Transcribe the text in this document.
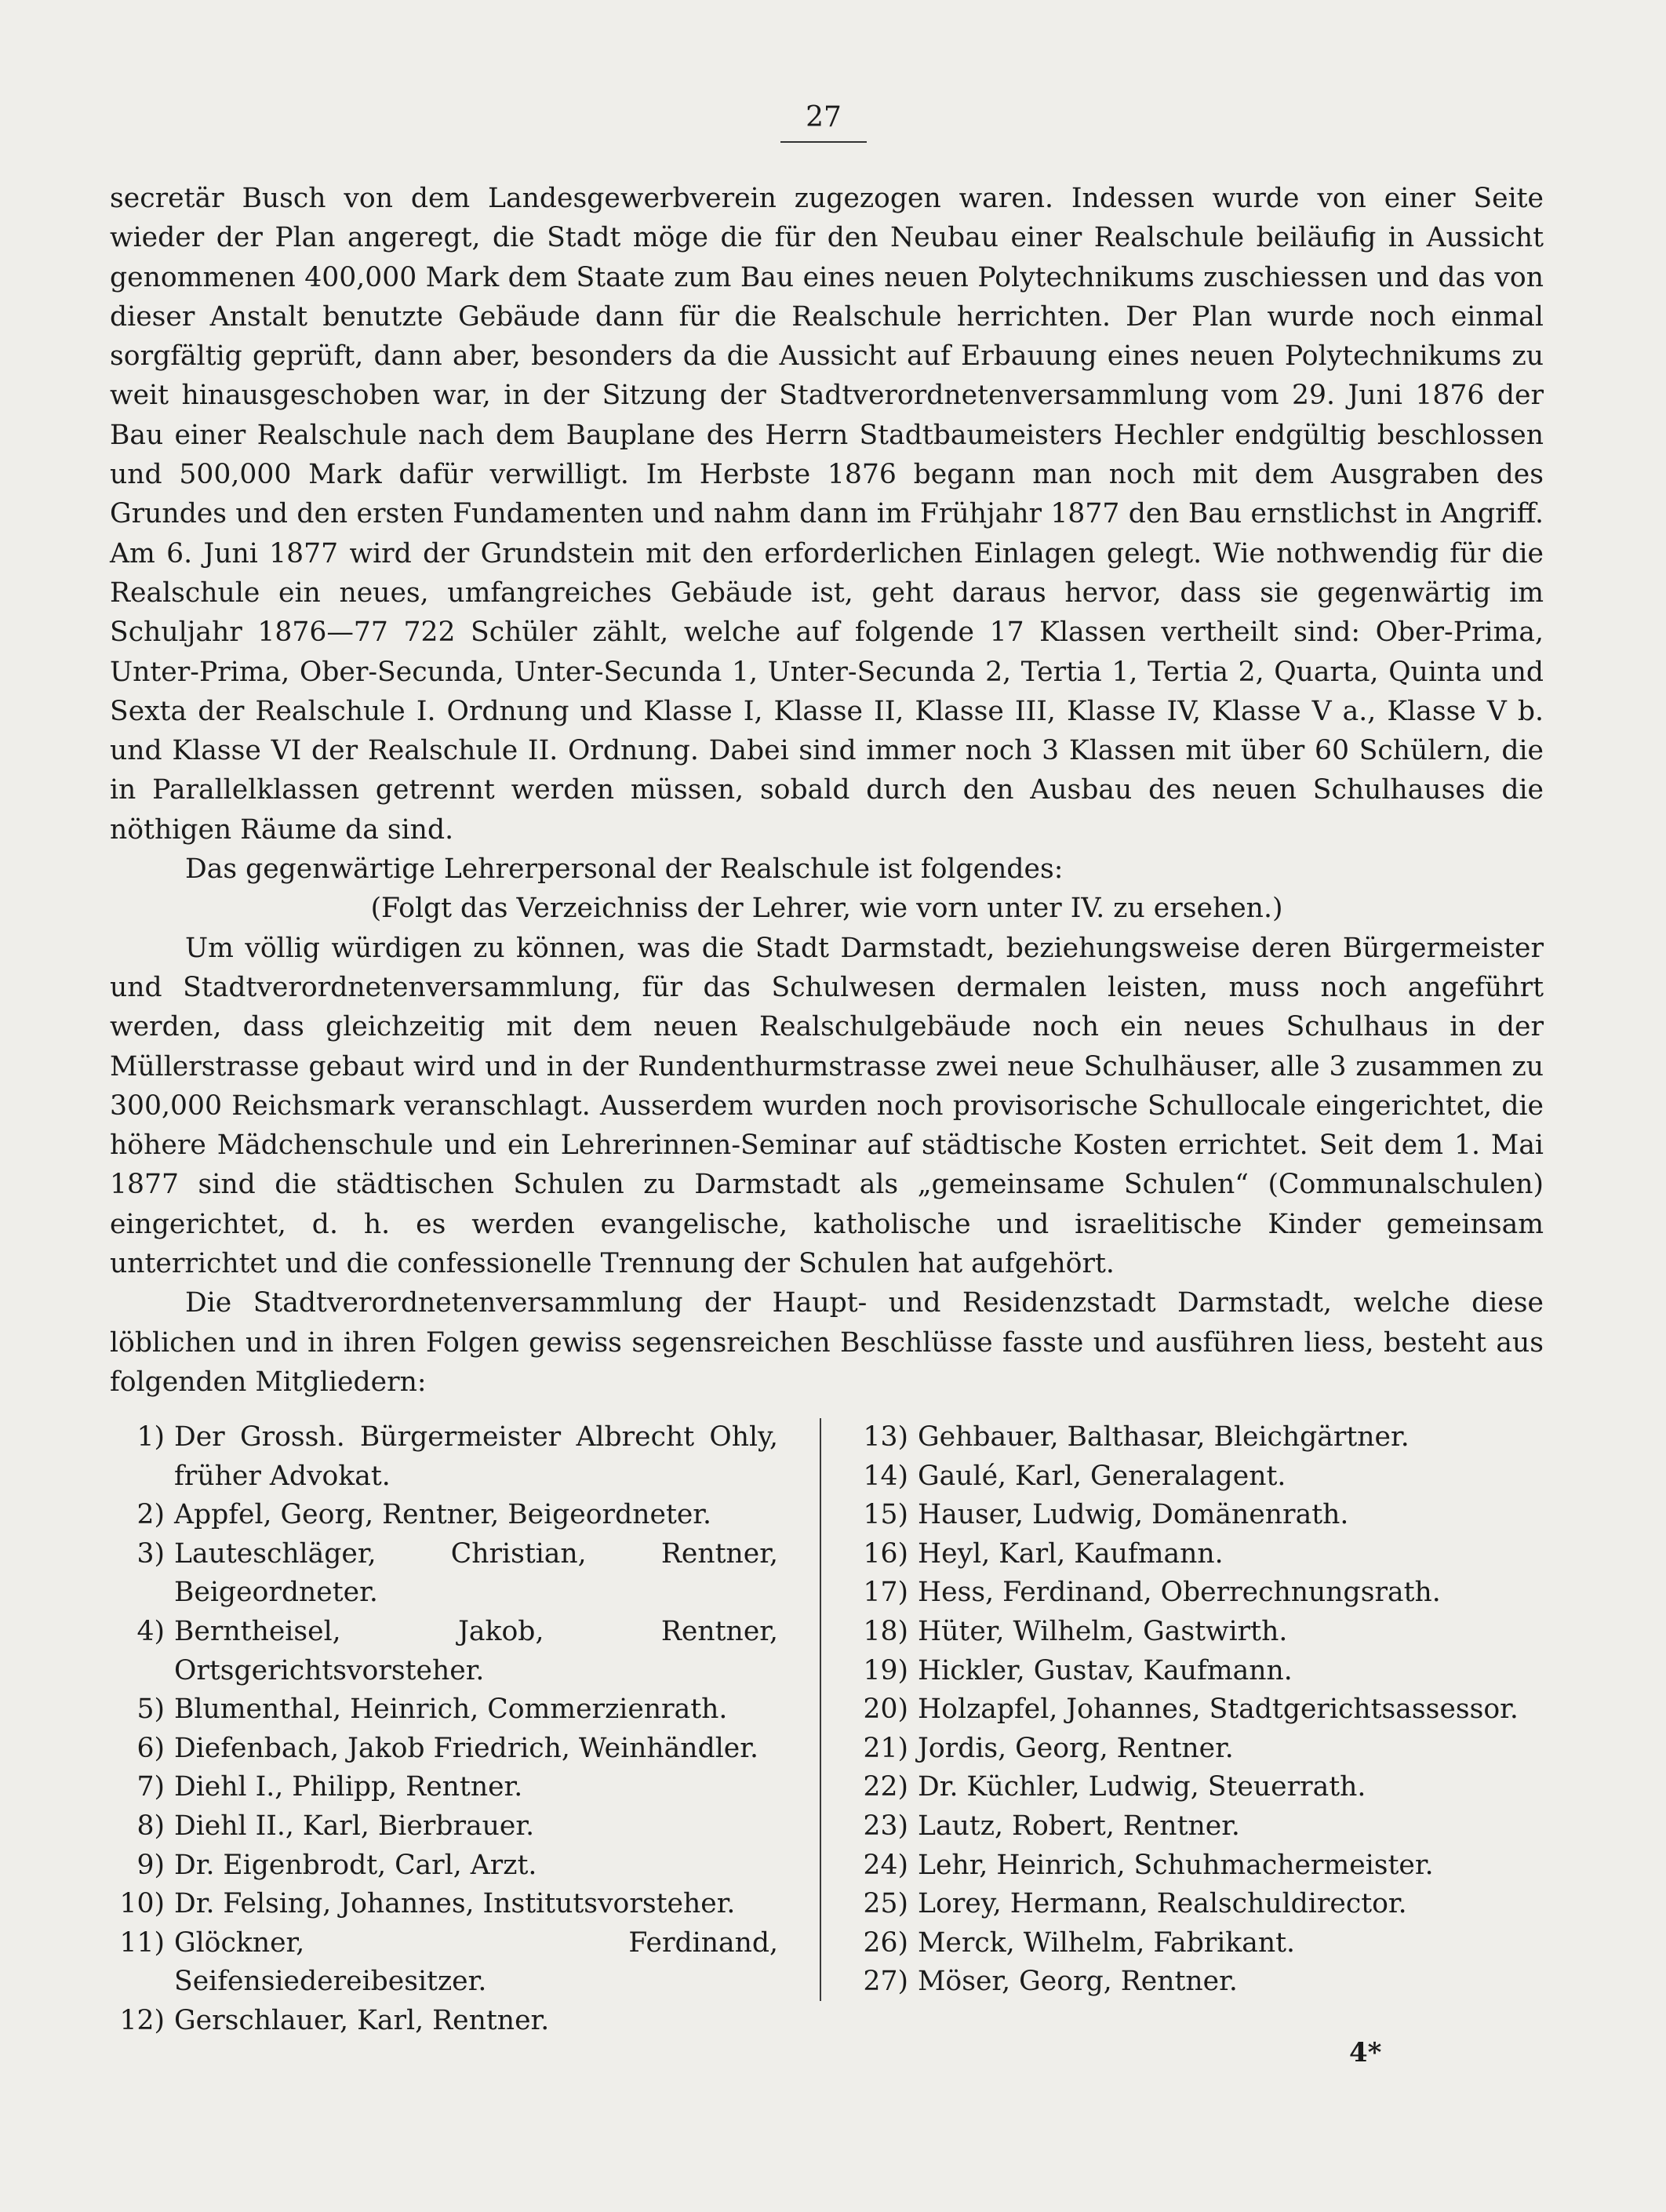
27

secretär Busch von dem Landesgewerbverein zugezogen waren. Indessen wurde von einer Seite wieder der Plan angeregt, die Stadt möge die für den Neubau einer Realschule beiläufig in Aussicht genommenen 400,000 Mark dem Staate zum Bau eines neuen Polytechnikums zuschiessen und das von dieser Anstalt benutzte Gebäude dann für die Realschule herrichten. Der Plan wurde noch einmal sorgfältig geprüft, dann aber, besonders da die Aussicht auf Erbauung eines neuen Polytechnikums zu weit hinausgeschoben war, in der Sitzung der Stadtverordnetenversammlung vom 29. Juni 1876 der Bau einer Realschule nach dem Bauplane des Herrn Stadtbaumeisters Hechler endgültig beschlossen und 500,000 Mark dafür verwilligt. Im Herbste 1876 begann man noch mit dem Ausgraben des Grundes und den ersten Fundamenten und nahm dann im Frühjahr 1877 den Bau ernstlichst in Angriff. Am 6. Juni 1877 wird der Grundstein mit den erforderlichen Einlagen gelegt. Wie nothwendig für die Realschule ein neues, umfangreiches Gebäude ist, geht daraus hervor, dass sie gegenwärtig im Schuljahr 1876—77 722 Schüler zählt, welche auf folgende 17 Klassen vertheilt sind: Ober-Prima, Unter-Prima, Ober-Secunda, Unter-Secunda 1, Unter-Secunda 2, Tertia 1, Tertia 2, Quarta, Quinta und Sexta der Realschule I. Ordnung und Klasse I, Klasse II, Klasse III, Klasse IV, Klasse V a., Klasse V b. und Klasse VI der Realschule II. Ordnung. Dabei sind immer noch 3 Klassen mit über 60 Schülern, die in Parallelklassen getrennt werden müssen, sobald durch den Ausbau des neuen Schulhauses die nöthigen Räume da sind.

Das gegenwärtige Lehrerpersonal der Realschule ist folgendes:

(Folgt das Verzeichniss der Lehrer, wie vorn unter IV. zu ersehen.)

Um völlig würdigen zu können, was die Stadt Darmstadt, beziehungsweise deren Bürgermeister und Stadtverordnetenversammlung, für das Schulwesen dermalen leisten, muss noch angeführt werden, dass gleichzeitig mit dem neuen Realschulgebäude noch ein neues Schulhaus in der Müllerstrasse gebaut wird und in der Rundenthurmstrasse zwei neue Schulhäuser, alle 3 zusammen zu 300,000 Reichsmark veranschlagt. Ausserdem wurden noch provisorische Schullocale eingerichtet, die höhere Mädchenschule und ein Lehrerinnen-Seminar auf städtische Kosten errichtet. Seit dem 1. Mai 1877 sind die städtischen Schulen zu Darmstadt als „gemeinsame Schulen“ (Communalschulen) eingerichtet, d. h. es werden evangelische, katholische und israelitische Kinder gemeinsam unterrichtet und die confessionelle Trennung der Schulen hat aufgehört.

Die Stadtverordnetenversammlung der Haupt- und Residenzstadt Darmstadt, welche diese löblichen und in ihren Folgen gewiss segensreichen Beschlüsse fasste und ausführen liess, besteht aus folgenden Mitgliedern:

1) Der Grossh. Bürgermeister Albrecht Ohly, früher Advokat.
2) Appfel, Georg, Rentner, Beigeordneter.
3) Lauteschläger, Christian, Rentner, Beigeordneter.
4) Berntheisel, Jakob, Rentner, Ortsgerichtsvorsteher.
5) Blumenthal, Heinrich, Commerzienrath.
6) Diefenbach, Jakob Friedrich, Weinhändler.
7) Diehl I., Philipp, Rentner.
8) Diehl II., Karl, Bierbrauer.
9) Dr. Eigenbrodt, Carl, Arzt.
10) Dr. Felsing, Johannes, Institutsvorsteher.
11) Glöckner, Ferdinand, Seifensiedereibesitzer.
12) Gerschlauer, Karl, Rentner.
13) Gehbauer, Balthasar, Bleichgärtner.
14) Gaulé, Karl, Generalagent.
15) Hauser, Ludwig, Domänenrath.
16) Heyl, Karl, Kaufmann.
17) Hess, Ferdinand, Oberrechnungsrath.
18) Hüter, Wilhelm, Gastwirth.
19) Hickler, Gustav, Kaufmann.
20) Holzapfel, Johannes, Stadtgerichtsassessor.
21) Jordis, Georg, Rentner.
22) Dr. Küchler, Ludwig, Steuerrath.
23) Lautz, Robert, Rentner.
24) Lehr, Heinrich, Schuhmachermeister.
25) Lorey, Hermann, Realschuldirector.
26) Merck, Wilhelm, Fabrikant.
27) Möser, Georg, Rentner.
4*
